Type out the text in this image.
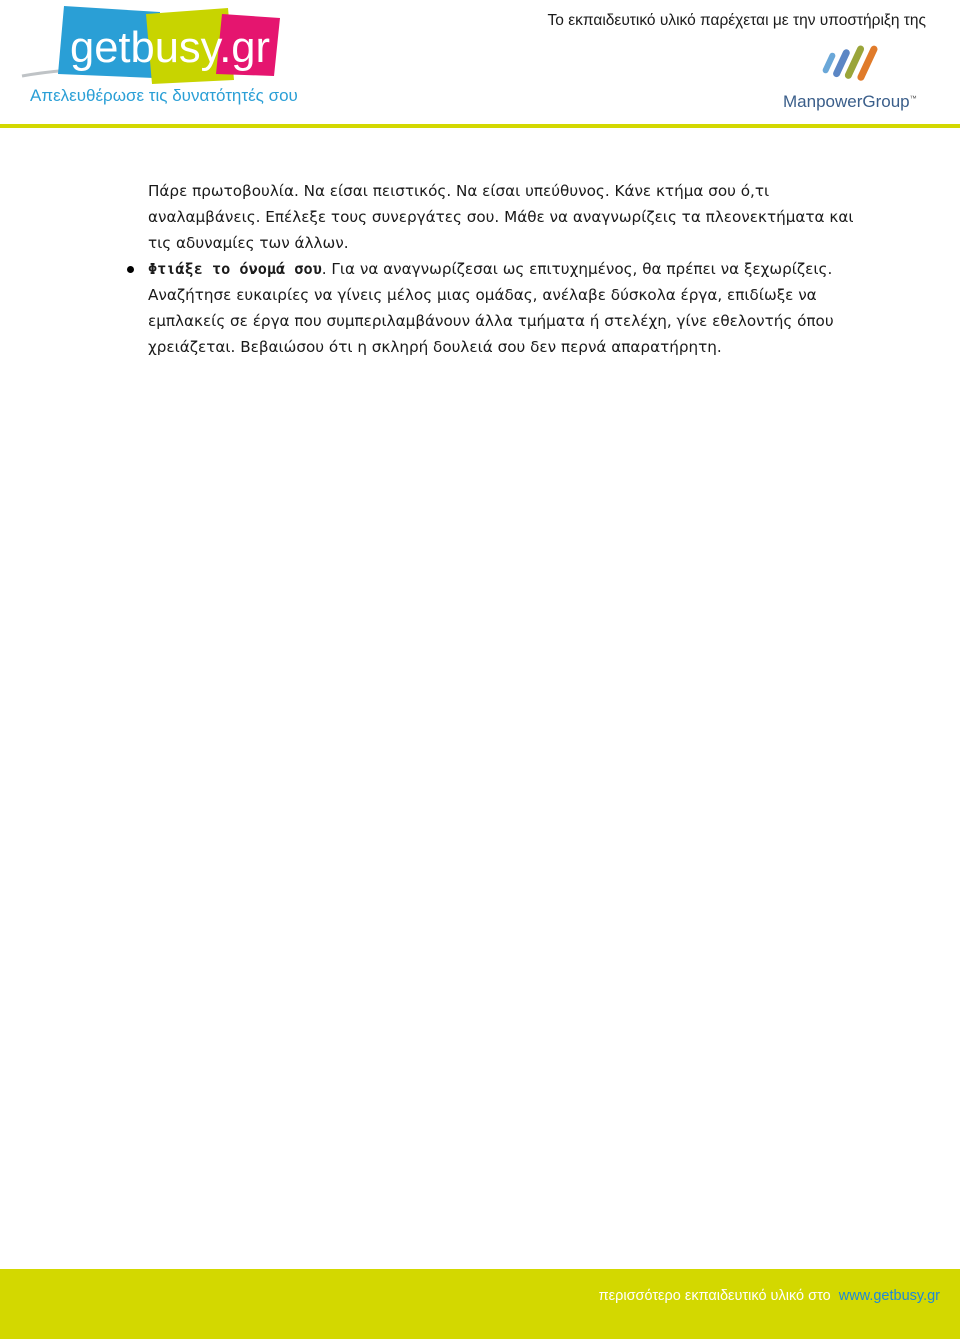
getbusy.gr
Απελευθέρωσε τις δυνατότητές σου
Το εκπαιδευτικό υλικό παρέχεται με την υποστήριξη της
ManpowerGroup™

Πάρε πρωτοβουλία. Να είσαι πειστικός. Να είσαι υπεύθυνος. Κάνε κτήμα σου ό,τι αναλαμβάνεις. Επέλεξε τους συνεργάτες σου. Μάθε να αναγνωρίζεις τα πλεονεκτήματα και τις αδυναμίες των άλλων.

Φτιάξε το όνομά σου. Για να αναγνωρίζεσαι ως επιτυχημένος, θα πρέπει να ξεχωρίζεις. Αναζήτησε ευκαιρίες να γίνεις μέλος μιας ομάδας, ανέλαβε δύσκολα έργα, επιδίωξε να εμπλακείς σε έργα που συμπεριλαμβάνουν άλλα τμήματα ή στελέχη, γίνε εθελοντής όπου χρειάζεται. Βεβαιώσου ότι η σκληρή δουλειά σου δεν περνά απαρατήρητη.

περισσότερο εκπαιδευτικό υλικό στο www.getbusy.gr
